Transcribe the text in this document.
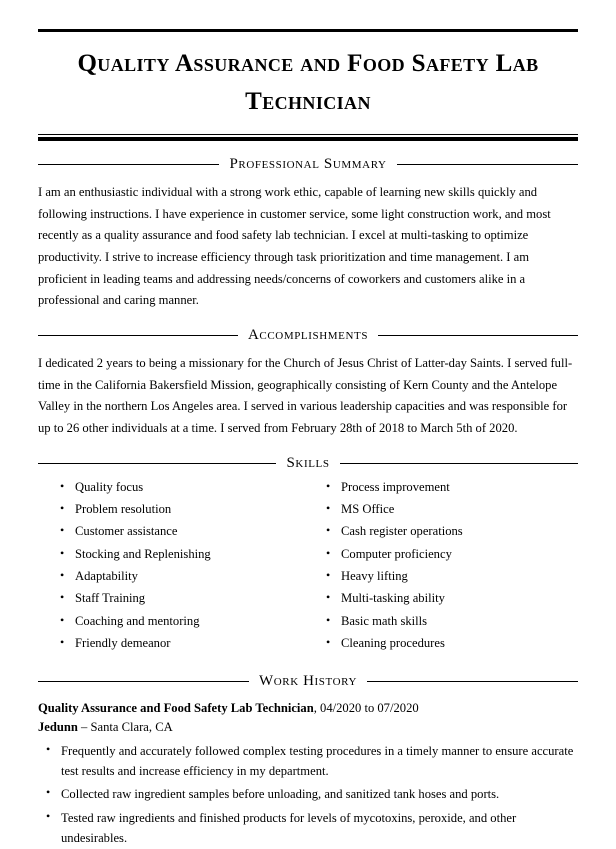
Quality Assurance and Food Safety Lab Technician
Professional Summary

I am an enthusiastic individual with a strong work ethic, capable of learning new skills quickly and following instructions. I have experience in customer service, some light construction work, and most recently as a quality assurance and food safety lab technician. I excel at multi-tasking to optimize productivity. I strive to increase efficiency through task prioritization and time management. I am proficient in leading teams and addressing needs/concerns of coworkers and customers alike in a professional and caring manner.

Accomplishments

I dedicated 2 years to being a missionary for the Church of Jesus Christ of Latter-day Saints. I served full-time in the California Bakersfield Mission, geographically consisting of Kern County and the Antelope Valley in the northern Los Angeles area. I served in various leadership capacities and was responsible for up to 26 other individuals at a time. I served from February 28th of 2018 to March 5th of 2020.

Skills
• Quality focus
• Problem resolution
• Customer assistance
• Stocking and Replenishing
• Adaptability
• Staff Training
• Coaching and mentoring
• Friendly demeanor
• Process improvement
• MS Office
• Cash register operations
• Computer proficiency
• Heavy lifting
• Multi-tasking ability
• Basic math skills
• Cleaning procedures
Work History
Quality Assurance and Food Safety Lab Technician, 04/2020 to 07/2020
Jedunn – Santa Clara, CA
• Frequently and accurately followed complex testing procedures in a timely manner to ensure accurate test results and increase efficiency in my department.
• Collected raw ingredient samples before unloading, and sanitized tank hoses and ports.
• Tested raw ingredients and finished products for levels of mycotoxins, peroxide, and other undesirables.
